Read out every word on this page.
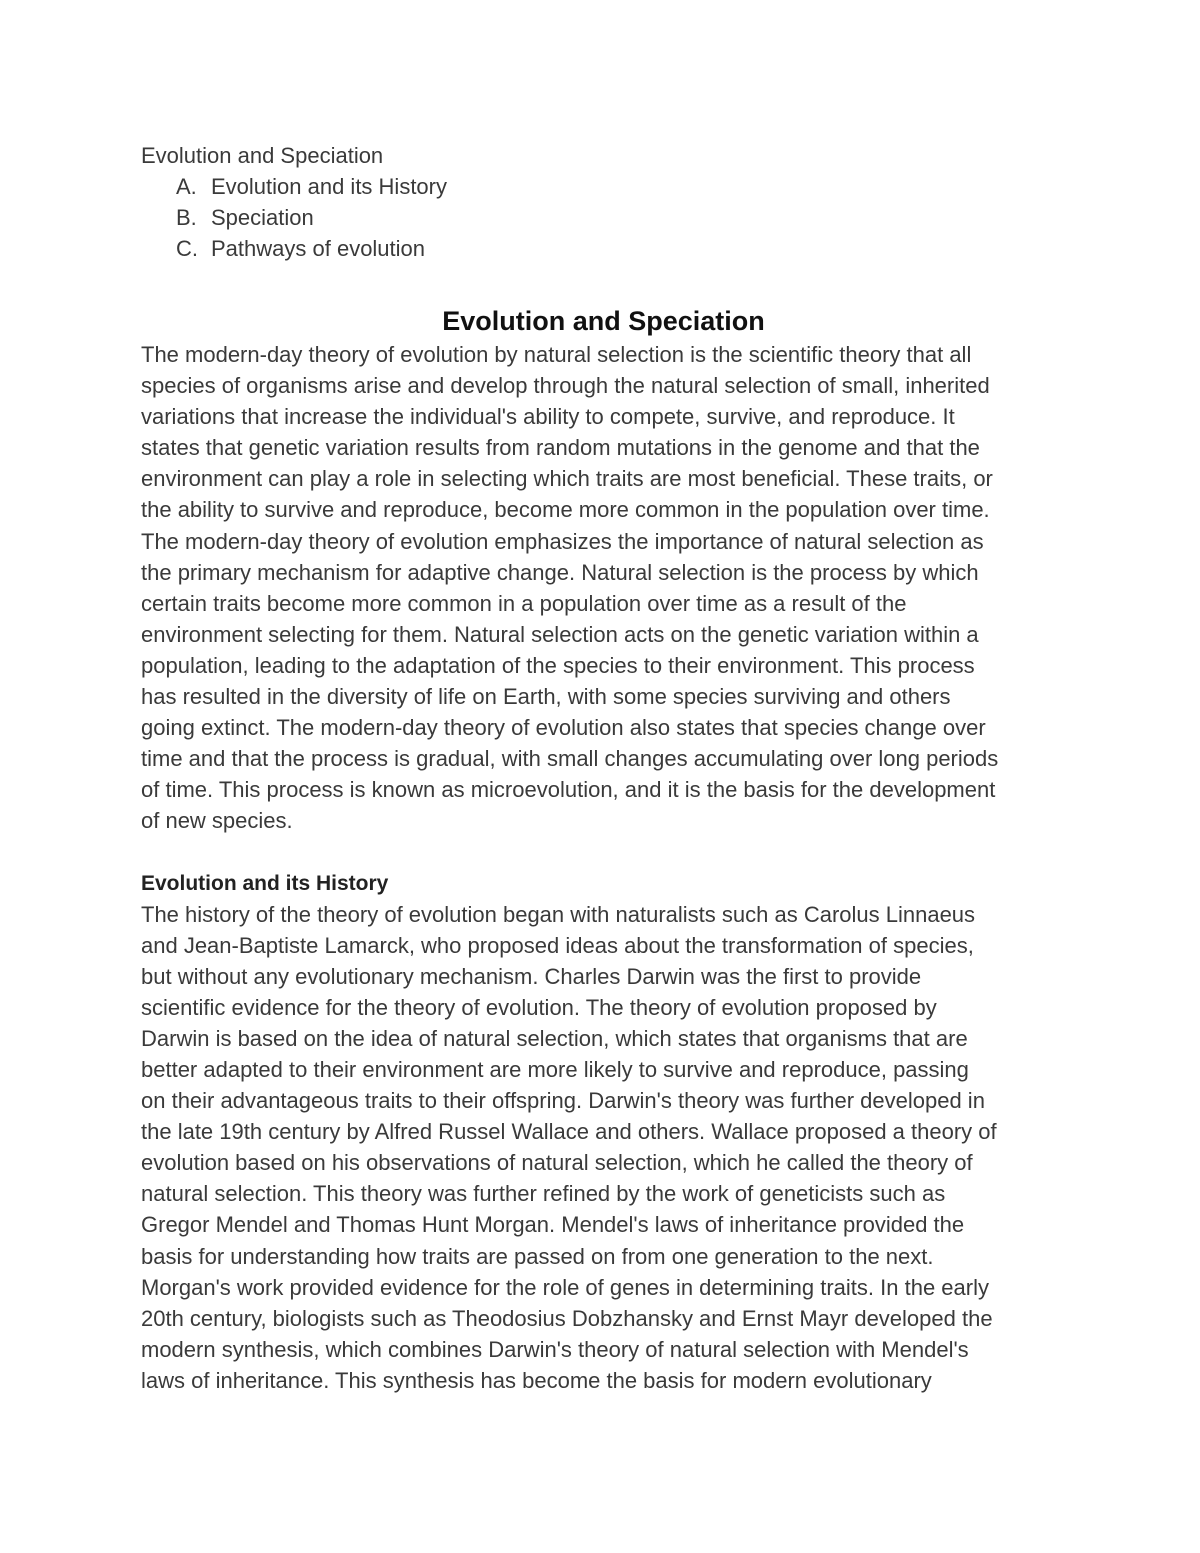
Evolution and Speciation

A. Evolution and its History
B. Speciation
C. Pathways of evolution
Evolution and Speciation

The modern-day theory of evolution by natural selection is the scientific theory that all
species of organisms arise and develop through the natural selection of small, inherited
variations that increase the individual's ability to compete, survive, and reproduce. It
states that genetic variation results from random mutations in the genome and that the
environment can play a role in selecting which traits are most beneficial. These traits, or
the ability to survive and reproduce, become more common in the population over time.
The modern-day theory of evolution emphasizes the importance of natural selection as
the primary mechanism for adaptive change. Natural selection is the process by which
certain traits become more common in a population over time as a result of the
environment selecting for them. Natural selection acts on the genetic variation within a
population, leading to the adaptation of the species to their environment. This process
has resulted in the diversity of life on Earth, with some species surviving and others
going extinct. The modern-day theory of evolution also states that species change over
time and that the process is gradual, with small changes accumulating over long periods
of time. This process is known as microevolution, and it is the basis for the development
of new species.

Evolution and its History

The history of the theory of evolution began with naturalists such as Carolus Linnaeus
and Jean-Baptiste Lamarck, who proposed ideas about the transformation of species,
but without any evolutionary mechanism. Charles Darwin was the first to provide
scientific evidence for the theory of evolution. The theory of evolution proposed by
Darwin is based on the idea of natural selection, which states that organisms that are
better adapted to their environment are more likely to survive and reproduce, passing
on their advantageous traits to their offspring. Darwin's theory was further developed in
the late 19th century by Alfred Russel Wallace and others. Wallace proposed a theory of
evolution based on his observations of natural selection, which he called the theory of
natural selection. This theory was further refined by the work of geneticists such as
Gregor Mendel and Thomas Hunt Morgan. Mendel's laws of inheritance provided the
basis for understanding how traits are passed on from one generation to the next.
Morgan's work provided evidence for the role of genes in determining traits. In the early
20th century, biologists such as Theodosius Dobzhansky and Ernst Mayr developed the
modern synthesis, which combines Darwin's theory of natural selection with Mendel's
laws of inheritance. This synthesis has become the basis for modern evolutionary
